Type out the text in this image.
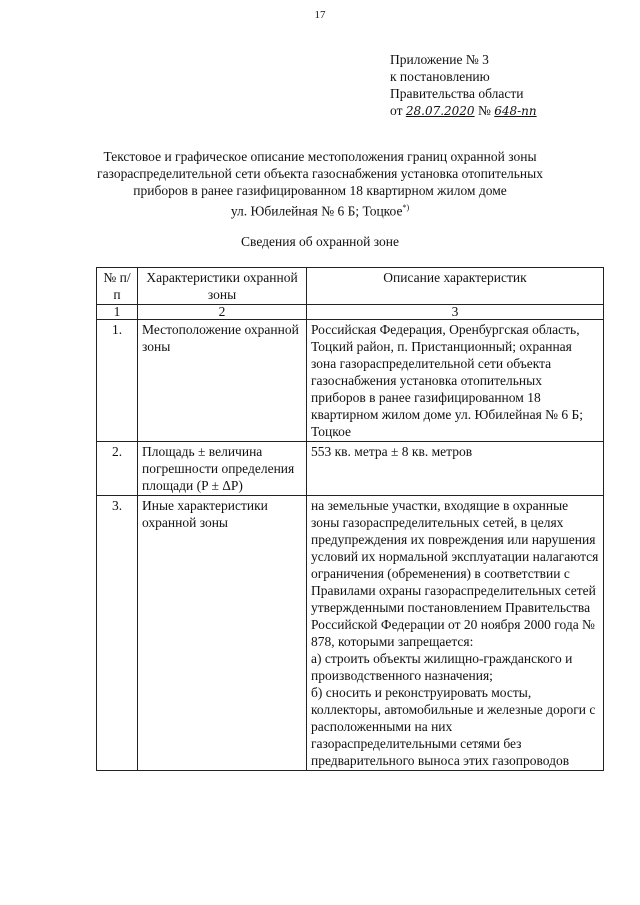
17
Приложение № 3
к постановлению
Правительства области
от 28.07.2020 № 648-пп
Текстовое и графическое описание местоположения границ охранной зоны
газораспределительной сети объекта газоснабжения установка отопительных
приборов в ранее газифицированном 18 квартирном жилом доме
ул. Юбилейная № 6 Б; Тоцкое*)
Сведения об охранной зоне
№ п/п	Характеристики охранной зоны	Описание характеристик
1	2	3
1.	Местоположение охранной зоны	Российская Федерация, Оренбургская область, Тоцкий район, п. Пристанционный; охранная зона газораспределительной сети объекта газоснабжения установка отопительных приборов в ранее газифицированном 18 квартирном жилом доме ул. Юбилейная № 6 Б; Тоцкое
2.	Площадь ± величина погрешности определения площади (P ± ΔP)	553 кв. метра ± 8 кв. метров
3.	Иные характеристики охранной зоны	на земельные участки, входящие в охранные зоны газораспределительных сетей, в целях предупреждения их повреждения или нарушения условий их нормальной эксплуатации налагаются ограничения (обременения) в соответствии с Правилами охраны газораспределительных сетей утвержденными постановлением Правительства Российской Федерации от 20 ноября 2000 года № 878, которыми запрещается:
а) строить объекты жилищно-гражданского и производственного назначения;
б) сносить и реконструировать мосты, коллекторы, автомобильные и железные дороги с расположенными на них газораспределительными сетями без предварительного выноса этих газопроводов
